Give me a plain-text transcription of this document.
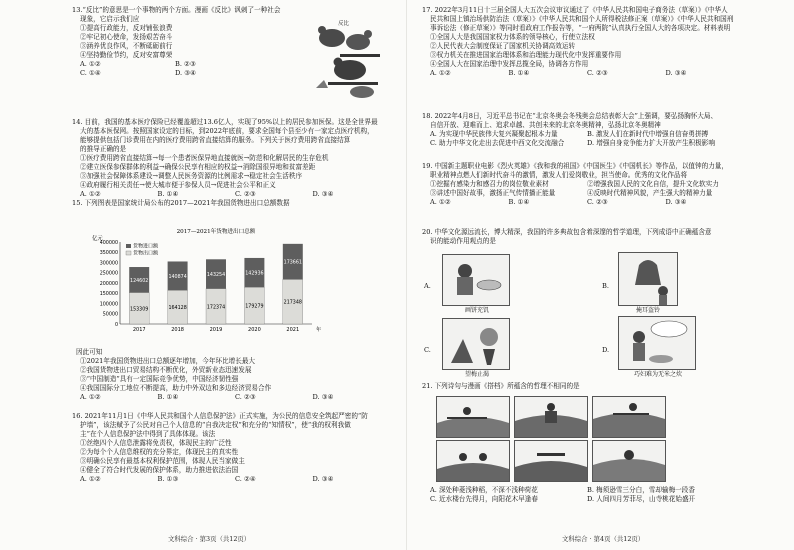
13.“反比”的意思是一个事物的两个方面。漫画《反比》讽刺了一种社会

现象，它启示我们应

①提高行政能力，反对铺张浪费

②牢记初心使命，发扬艰苦奋斗

③涵养优良作风，不断砥砺前行

④坚持勤俭节约，反对安富尊荣

A. ①②	B. ②③
C. ①④	D. ③④
反比

14. 目前，我国的基本医疗保险已经覆盖超过13.6亿人，实现了95%以上的居民参加医保。这是全世界最

大的基本医保网。按照国家设定的目标，到2022年底前，要求全国每个县至少有一家定点医疗机构，

能够提供包括门诊费用在内的医疗费用跨省直接结算的服务。下列关于医疗费用跨省直接结算

的推导正确的是

①医疗费用跨省直接结算→每一个患者医保异地直接就医→防范和化解居民的生存危机

②建立医保参保群体的利益→确保公民享有相应的权益→消除国很异地和贫富差距

③加强社会保障体系建设→调整人民医务资源的比例需求→稳定社会生活秩序

④政府履行相关责任→使大城市便于参保人员→促进社会公平和正义

A. ①②	B. ①④	C. ②③	D. ③④

15. 下列图表是国家统计局公布的2017—2021年我国货物进出口总额数据

因此可知

①2021年我国货物进出口总额逐年增加，今年环比增长最大

②我国货物进出口贸易结构不断优化，外贸新业态迅速发展

③“中国制造”具有一定国际竞争优势，中国经济韧性强

④我国国际分工地位不断提高，助力中外双边和多边经济贸易合作

A. ①②	B. ①④	C. ②③	D. ③④

16. 2021年11月1日《中华人民共和国个人信息保护法》正式实施，为公民的信息安全筑起严密的“防

护墙”，该法赋予了公民对自己个人信息的“自我决定权”和充分的“知情权”，使“我的权利我做

主”在个人信息保护法中得到了具体体现。该法

①丝绝四个人信息泄露将免责权，体现民主的广泛性

②为每个个人信息维权的充分界定，体现民主的真实性

③明确公民享有最基本权利保护范围，体现人民当家做主

④健全了符合时代发展的保护体系，助力推进依法治国

A. ①②	B. ①③	C. ②④	D. ③④
文科综合 · 第3页（共12页）
2017—2021年货物进出口总额
亿元
0
50000
100000
150000
200000
250000
300000
350000
400000
货物进口额
货物出口额
153309
124602
2017
164128
140874
2018
172374
143254
2019
179279
142936
2020
217348
173661
2021	年

17. 2022年3月11日十三届全国人大五次会议审议通过了《中华人民共和国电子商务法（草案）》《中华人

民共和国上镇治场供防治法（草案）》《中华人民共和国个人所得税法修正案（草案）》《中华人民共和国刑

事诉讼法（修正草案）》等同时看政府工作报告等，“一府两院”认真执行全国人大的各项决定。材料表明

①全国人大是我国国家权力体系的领导核心，行使立法权

②人民代表大会制度保证了国家机关协调高效运转

③权力机关在推进国家治理体系和治理能力现代化中发挥重要作用

④全国人大在国家治理中发挥总揽全局，协调各方作用

A. ①②	B. ①④	C. ②③	D. ③④

18. 2022年4月8日，习近平总书记在“北京冬奥会冬残奥会总结表彰大会”上强调，要弘扬胸怀大局、

自信开放、迎难而上、追求卓越、共创未来的北京冬奥精神，弘扬北京冬奥精神

A. 为实现中华民族伟大复兴凝聚起根本力量	B. 激发人们在新时代中增强自信奋勇拼搏
C. 助力中华文化走出去促进中西文化交流融合	D. 增强自身竞争能力扩大开放产生积极影响

19. 中国新主题职业电影《烈火英雄》《我和我的祖国》《中国医生》《中国机长》等作品，以值钟的力量，

职业精神点燃人们新时代奋斗的激情，激发人们爱岗敬业，担当使命。优秀的文化作品将

①挖掘有感染力和感召力的岗位敬业素材	②增强我国人民的文化自信，提升文化软实力
③讲述中国好故事，激扬正气传情播正能量	④反映时代精神风貌，产生强大的精神力量
A. ①②	B. ①④	C. ②③	D. ③④

20. 中华文化源远流长，博大精深，我国的许多典故包含着深邃的哲学道理，下列成语中正确蕴含意

识的能动作用观点的是

A.
画饼充饥
B.
掩耳盗铃
C.
望梅止渴
D.
巧妇难为无米之炊

21. 下列诗句与漫画《搭档》所蕴含的哲理不相同的是

A. 深处种菱浅种稻，不深不浅种荷花	B. 梅须逊雪三分白，雪却输梅一段香
C. 近水楼台先得月，向阳花木早逢春	D. 人间四月芳菲尽，山寺桃花始盛开
文科综合 · 第4页（共12页）
